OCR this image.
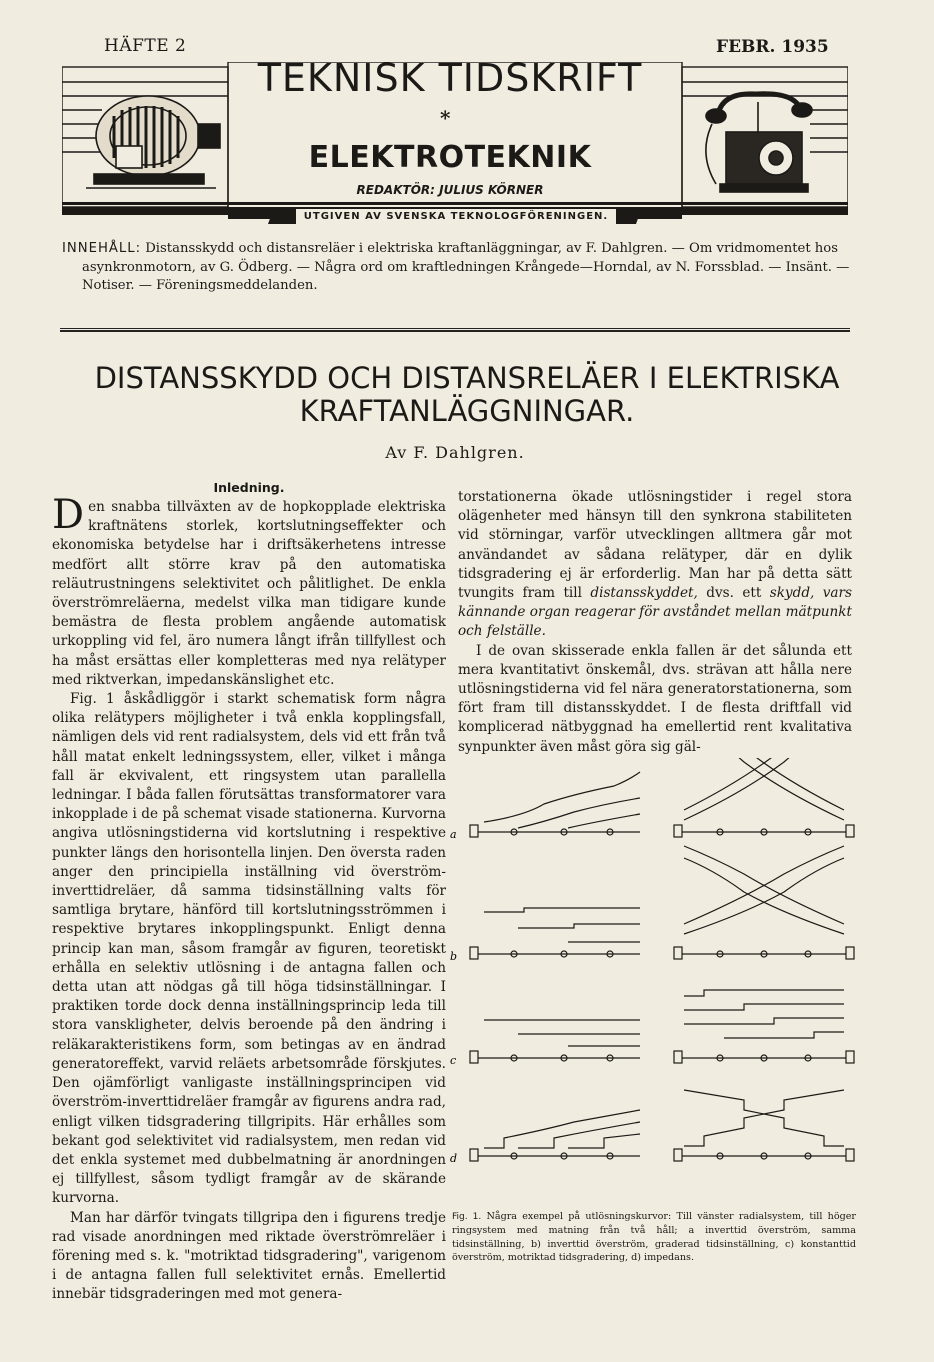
HÄFTE 2	FEBR. 1935
TEKNISK TIDSKRIFT
*
ELEKTROTEKNIK
REDAKTÖR: JULIUS KÖRNER
UTGIVEN AV SVENSKA TEKNOLOGFÖRENINGEN.
INNEHÅLL: Distansskydd och distansreläer i elektriska kraftanläggningar, av F. Dahlgren. — Om vridmomentet hos asynkronmotorn, av G. Ödberg. — Några ord om kraftledningen Krångede—Horndal, av N. Forssblad. — Insänt. — Notiser. — Föreningsmeddelanden.
DISTANSSKYDD OCH DISTANSRELÄER I ELEKTRISKA
KRAFTANLÄGGNINGAR.
Av F. Dahlgren.
Inledning.

Den snabba tillväxten av de hopkopplade elektriska kraftnätens storlek, kortslutningseffekter och ekonomiska betydelse har i driftsäkerhetens intresse medfört allt större krav på den automatiska reläutrustningens selektivitet och pålitlighet. De enkla överströmreläerna, medelst vilka man tidigare kunde bemästra de flesta problem angående automatisk urkoppling vid fel, äro numera långt ifrån tillfyllest och ha måst ersättas eller kompletteras med nya relätyper med riktverkan, impedanskänslighet etc.

Fig. 1 åskådliggör i starkt schematisk form några olika relätypers möjligheter i två enkla kopplingsfall, nämligen dels vid rent radialsystem, dels vid ett från två håll matat enkelt ledningssystem, eller, vilket i många fall är ekvivalent, ett ringsystem utan parallella ledningar. I båda fallen förutsättas transformatorer vara inkopplade i de på schemat visade stationerna. Kurvorna angiva utlösningstiderna vid kortslutning i respektive punkter längs den horisontella linjen. Den översta raden anger den principiella inställning vid överström-inverttidreläer, då samma tidsinställning valts för samtliga brytare, hänförd till kortslutningsströmmen i respektive brytares inkopplingspunkt. Enligt denna princip kan man, såsom framgår av figuren, teoretiskt erhålla en selektiv utlösning i de antagna fallen och detta utan att nödgas gå till höga tidsinställningar. I praktiken torde dock denna inställningsprincip leda till stora vansklighеter, delvis beroende på den ändring i reläkarakteristikens form, som betingas av en ändrad generatoreffekt, varvid reläets arbetsområde förskjutes. Den ojämförligt vanligaste inställningsprincipen vid överström-inverttidreläer framgår av figurens andra rad, enligt vilken tidsgradering tillgripits. Här erhålles som bekant god selektivitet vid radialsystem, men redan vid det enkla systemet med dubbelmatning är anordningen ej tillfyllest, såsom tydligt framgår av de skärande kurvorna.

Man har därför tvingats tillgripa den i figurens tredje rad visade anordningen med riktade överströmreläer i förening med s. k. "motriktad tidsgradering", varigenom i de antagna fallen full selektivitet ernås. Emellertid innebär tidsgraderingen med mot genera-

torstationerna ökade utlösningstider i regel stora olägenheter med hänsyn till den synkrona stabiliteten vid störningar, varför utvecklingen alltmera går mot användandet av sådana relätyper, där en dylik tidsgradering ej är erforderlig. Man har på detta sätt tvungits fram till distansskyddet, dvs. ett skydd, vars kännande organ reagerar för avståndet mellan mätpunkt och felställe.

I de ovan skisserade enkla fallen är det sålunda ett mera kvantitativt önskemål, dvs. strävan att hålla nere utlösningstiderna vid fel nära generatorstationerna, som fört fram till distansskyddet. I de flesta driftfall vid komplicerad nätbyggnad ha emellertid rent kvalitativa synpunkter även måst göra sig gäl-

a
b
c
d
Fig. 1. Några exempel på utlösningskurvor: Till vänster radialsystem, till höger ringsystem med matning från två håll; a inverttid överström, samma tidsinställning, b) inverttid överström, graderad tidsinställning, c) konstanttid överström, motriktad tidsgradering, d) impedans.
